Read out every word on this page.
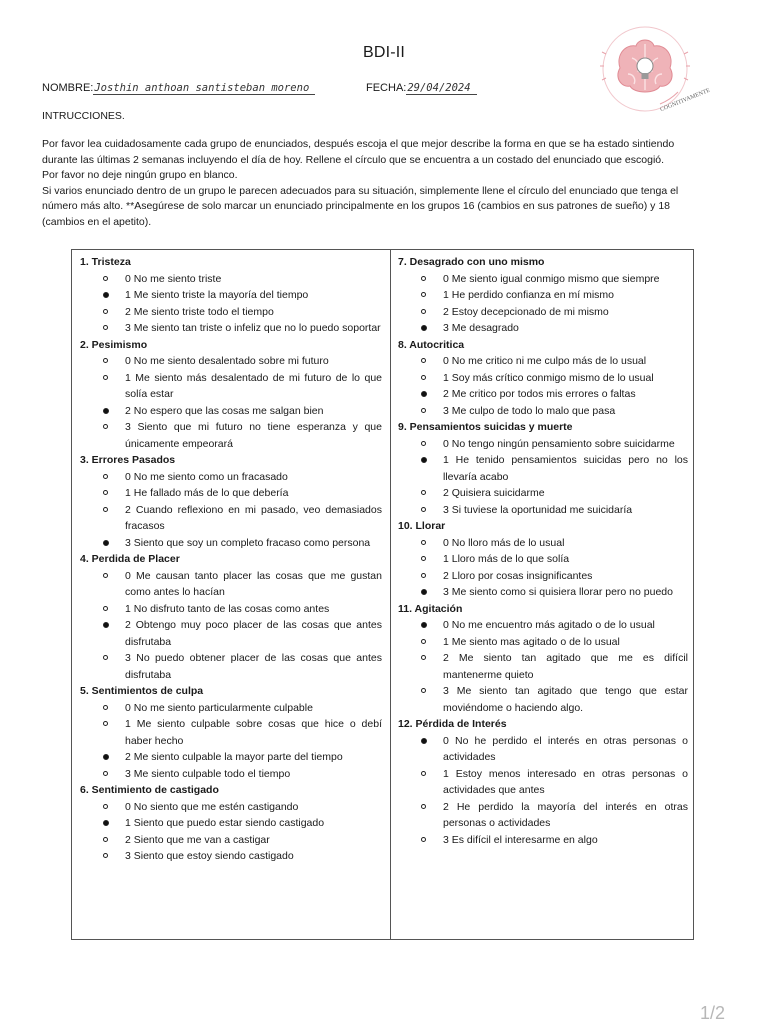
BDI-II
COGNITIVAMENTE
NOMBRE:Josthin anthoan santisteban moreno	FECHA:29/04/2024
INTRUCCIONES.
Por favor lea cuidadosamente cada grupo de enunciados, después escoja el que mejor describe la forma en que se ha estado sintiendo
durante las últimas 2 semanas incluyendo el día de hoy. Rellene el círculo que se encuentra a un costado del enunciado que escogió.
Por favor no deje ningún grupo en blanco.
Si varios enunciado dentro de un grupo le parecen adecuados para su situación, simplemente llene el círculo del enunciado que tenga el
número más alto. **Asegúrese de solo marcar un enunciado principalmente en los grupos 16 (cambios en sus patrones de sueño) y 18
(cambios en el apetito).
1. Tristeza
0 No me siento triste
1 Me siento triste la mayoría del tiempo
2 Me siento triste todo el tiempo
3 Me siento tan triste o infeliz que no lo puedo soportar
2. Pesimismo
0 No me siento desalentado sobre mi futuro
1 Me siento más desalentado de mi futuro de lo que solía estar
2 No espero que las cosas me salgan bien
3 Siento que mi futuro no tiene esperanza y que únicamente empeorará
3. Errores Pasados
0 No me siento como un fracasado
1 He fallado más de lo que debería
2 Cuando reflexiono en mi pasado, veo demasiados fracasos
3 Siento que soy un completo fracaso como persona
4. Perdida de Placer
0 Me causan tanto placer las cosas que me gustan como antes lo hacían
1 No disfruto tanto de las cosas como antes
2 Obtengo muy poco placer de las cosas que antes disfrutaba
3 No puedo obtener placer de las cosas que antes disfrutaba
5. Sentimientos de culpa
0 No me siento particularmente culpable
1 Me siento culpable sobre cosas que hice o debí haber hecho
2 Me siento culpable la mayor parte del tiempo
3 Me siento culpable todo el tiempo
6. Sentimiento de castigado
0 No siento que me estén castigando
1 Siento que puedo estar siendo castigado
2 Siento que me van a castigar
3 Siento que estoy siendo castigado
7. Desagrado con uno mismo
0 Me siento igual conmigo mismo que siempre
1 He perdido confianza en mí mismo
2 Estoy decepcionado de mi mismo
3 Me desagrado
8. Autocritica
0 No me critico ni me culpo más de lo usual
1 Soy más crítico conmigo mismo de lo usual
2 Me critico por todos mis errores o faltas
3 Me culpo de todo lo malo que pasa
9. Pensamientos suicidas y muerte
0 No tengo ningún pensamiento sobre suicidarme
1 He tenido pensamientos suicidas pero no los llevaría acabo
2 Quisiera suicidarme
3 Si tuviese la oportunidad me suicidaría
10. Llorar
0 No lloro más de lo usual
1 Lloro más de lo que solía
2 Lloro por cosas insignificantes
3 Me siento como si quisiera llorar pero no puedo
11. Agitación
0 No me encuentro más agitado o de lo usual
1 Me siento mas agitado o de lo usual
2 Me siento tan agitado que me es difícil mantenerme quieto
3 Me siento tan agitado que tengo que estar moviéndome o haciendo algo.
12. Pérdida de Interés
0 No he perdido el interés en otras personas o actividades
1 Estoy menos interesado en otras personas o actividades que antes
2 He perdido la mayoría del interés en otras personas o actividades
3 Es difícil el interesarme en algo
1/2
